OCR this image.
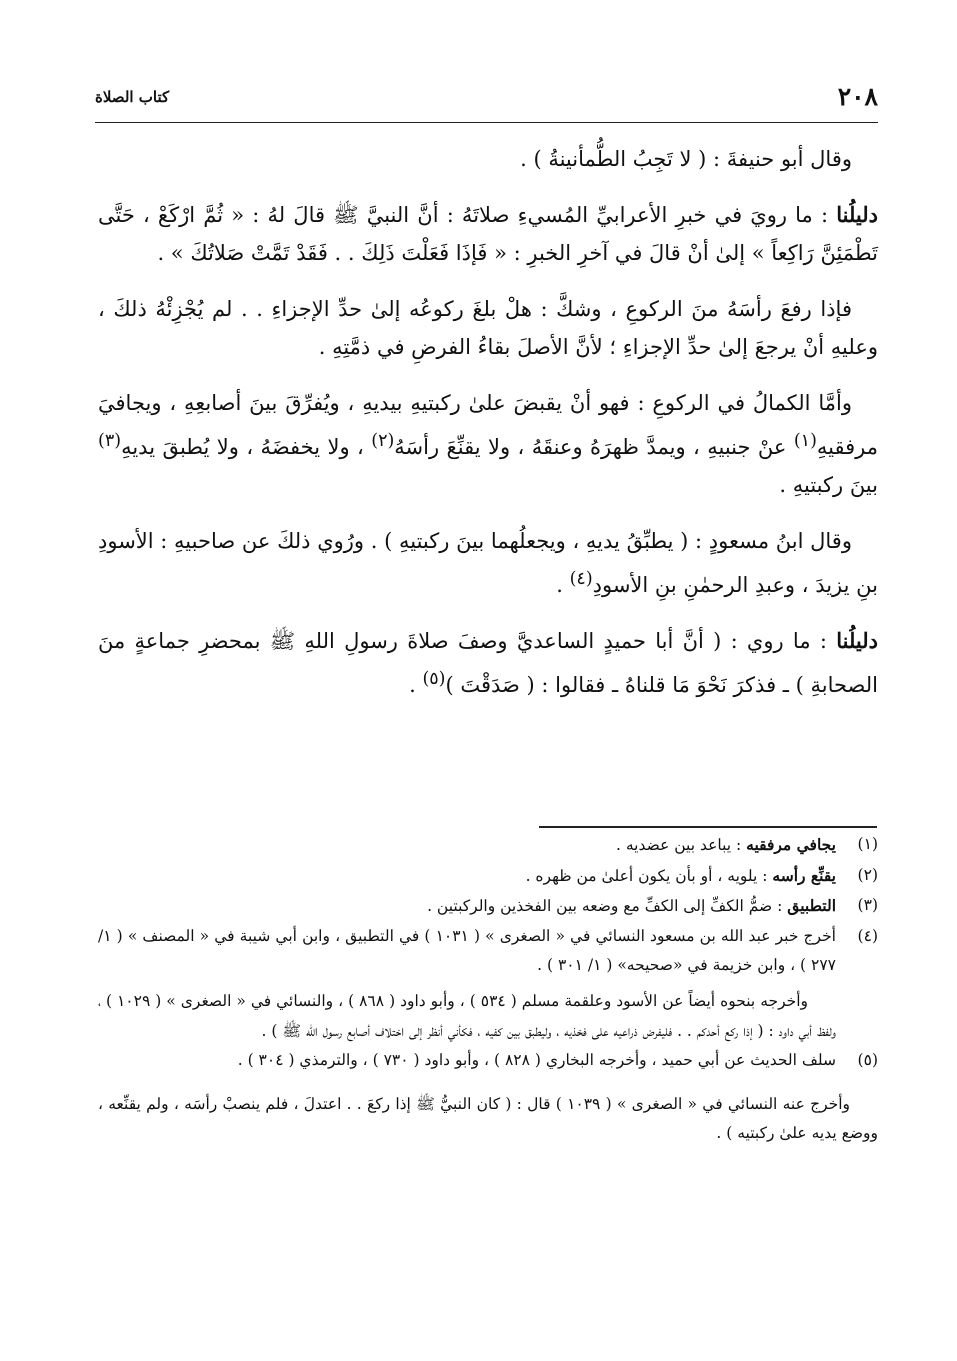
٢٠٨
كتاب الصلاة

وقال أبو حنيفةَ : ( لا تَجِبُ الطُّمأنينةُ ) .

دليلُنا : ما رويَ في خبرِ الأعرابيِّ المُسيءِ صلاتَهُ : أنَّ النبيَّ ﷺ قالَ لهُ : « ثُمَّ ارْكَعْ ، حَتَّى تَطْمَئِنَّ رَاكِعاً » إلىٰ أنْ قالَ في آخرِ الخبرِ : « فَإذَا فَعَلْتَ ذَلِكَ . . فَقَدْ تَمَّتْ صَلاتُكَ » .

فإذا رفعَ رأسَهُ منَ الركوعِ ، وشكَّ : هلْ بلغَ ركوعُه إلىٰ حدِّ الإجزاءِ . . لم يُجْزِئْهُ ذلكَ ، وعليهِ أنْ يرجعَ إلىٰ حدِّ الإجزاءِ ؛ لأنَّ الأصلَ بقاءُ الفرضِ في ذمَّتِهِ .

وأمَّا الكمالُ في الركوعِ : فهو أنْ يقبضَ علىٰ ركبتيهِ بيديهِ ، ويُفرِّقَ بينَ أصابعِهِ ، ويجافيَ مرفقيهِ$^{(١)}$ عنْ جنبيهِ ، ويمدَّ ظهرَهُ وعنقَهُ ، ولا يقنِّعَ رأسَهُ$^{(٢)}$ ، ولا يخفضَهُ ، ولا يُطبقَ يديهِ$^{(٣)}$ بينَ ركبتيهِ .

وقال ابنُ مسعودٍ : ( يطبِّقُ يديهِ ، ويجعلُهما بينَ ركبتيهِ ) . ورُوي ذلكَ عن صاحبيهِ : الأسودِ بنِ يزيدَ ، وعبدِ الرحمٰنِ بنِ الأسودِ$^{(٤)}$ .

دليلُنا : ما روي : ( أنَّ أبا حميدٍ الساعديَّ وصفَ صلاةَ رسولِ اللهِ ﷺ بمحضرِ جماعةٍ منَ الصحابةِ ) ـ فذكرَ نَحْوَ مَا قلناهُ ـ فقالوا : ( صَدَقْتَ )$^{(٥)}$ .

(١)
يجافي مرفقيه : يباعد بين عضديه .
(٢)
يقنِّع رأسه : يلويه ، أو بأن يكون أعلىٰ من ظهره .
(٣)
التطبيق : ضمُّ الكفِّ إلى الكفِّ مع وضعه بين الفخذين والركبتين .
(٤)
أخرج خبر عبد الله بن مسعود النسائي في « الصغرى » ( ١٠٣١ ) في التطبيق ، وابن أبي شيبة في « المصنف » ( ١/ ٢٧٧ ) ، وابن خزيمة في «صحيحه» ( ١/ ٣٠١ ) .
وأخرجه بنحوه أيضاً عن الأسود وعلقمة مسلم ( ٥٣٤ ) ، وأبو داود ( ٨٦٨ ) ، والنسائي في « الصغرى » ( ١٠٢٩ ) ، ولفظ أبي داود : ( إذا ركع أحدكم . . فليفرض ذراعيه على فخذيه ، وليطبق بين كفيه ، فكأني أنظر إلى اختلاف أصابع رسول الله ﷺ ) .
(٥)
سلف الحديث عن أبي حميد ، وأخرجه البخاري ( ٨٢٨ ) ، وأبو داود ( ٧٣٠ ) ، والترمذي ( ٣٠٤ ) .
وأخرج عنه النسائي في « الصغرى » ( ١٠٣٩ ) قال : ( كان النبيُّ ﷺ إذا ركعَ . . اعتدلَ ، فلم ينصبْ رأسَه ، ولم يقنِّعه ، ووضع يديه علىٰ ركبتيه ) .
